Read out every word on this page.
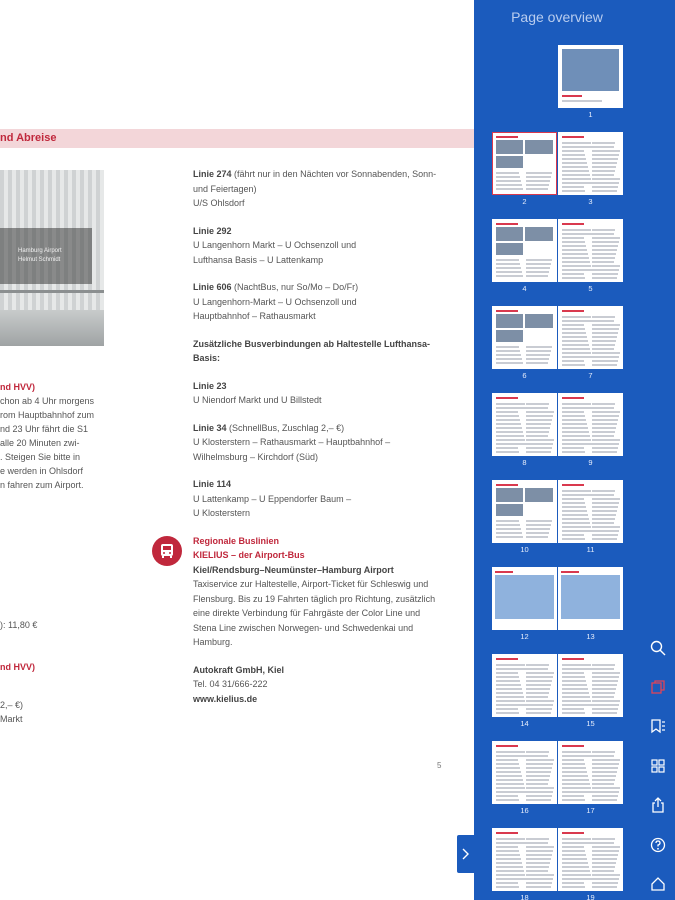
nd Abreise
Hamburg Airport
Helmut Schmidt

nd HVV)

chon ab 4 Uhr morgens

rom Hauptbahnhof zum

nd 23 Uhr fährt die S1

alle 20 Minuten zwi-

. Steigen Sie bitte in

e werden in Ohlsdorf

n fahren zum Airport.

): 11,80 €

nd HVV)

2,– €)

Markt

Linie 274 (fährt nur in den Nächten vor Sonnabenden, Sonn- und Feiertagen)
U/S Ohlsdorf
Linie 292
U Langenhorn Markt – U Ochsenzoll und
Lufthansa Basis – U Lattenkamp
Linie 606 (NachtBus, nur So/Mo – Do/Fr)
U Langenhorn-Markt – U Ochsenzoll und
Hauptbahnhof – Rathausmarkt
Zusätzliche Busverbindungen ab Haltestelle Lufthansa-Basis:
Linie 23
U Niendorf Markt und U Billstedt
Linie 34 (SchnellBus, Zuschlag 2,– €)
U Klosterstern – Rathausmarkt – Hauptbahnhof –
Wilhelmsburg – Kirchdorf (Süd)
Linie 114
U Lattenkamp – U Eppendorfer Baum –
U Klosterstern
Regionale Buslinien
KIELIUS – der Airport-Bus
Kiel/Rendsburg–Neumünster–Hamburg Airport
Taxiservice zur Haltestelle, Airport-Ticket für Schleswig und Flensburg. Bis zu 19 Fahrten täglich pro Richtung, zusätzlich eine direkte Verbindung für Fahrgäste der Color Line und Stena Line zwischen Norwegen- und Schwedenkai und Hamburg.
Autokraft GmbH, Kiel
Tel. 04 31/666-222
www.kielius.de
5
Page overview
1
2	3
4	5
6	7
8	9
10	11
12	13
14	15
16	17
18	19
